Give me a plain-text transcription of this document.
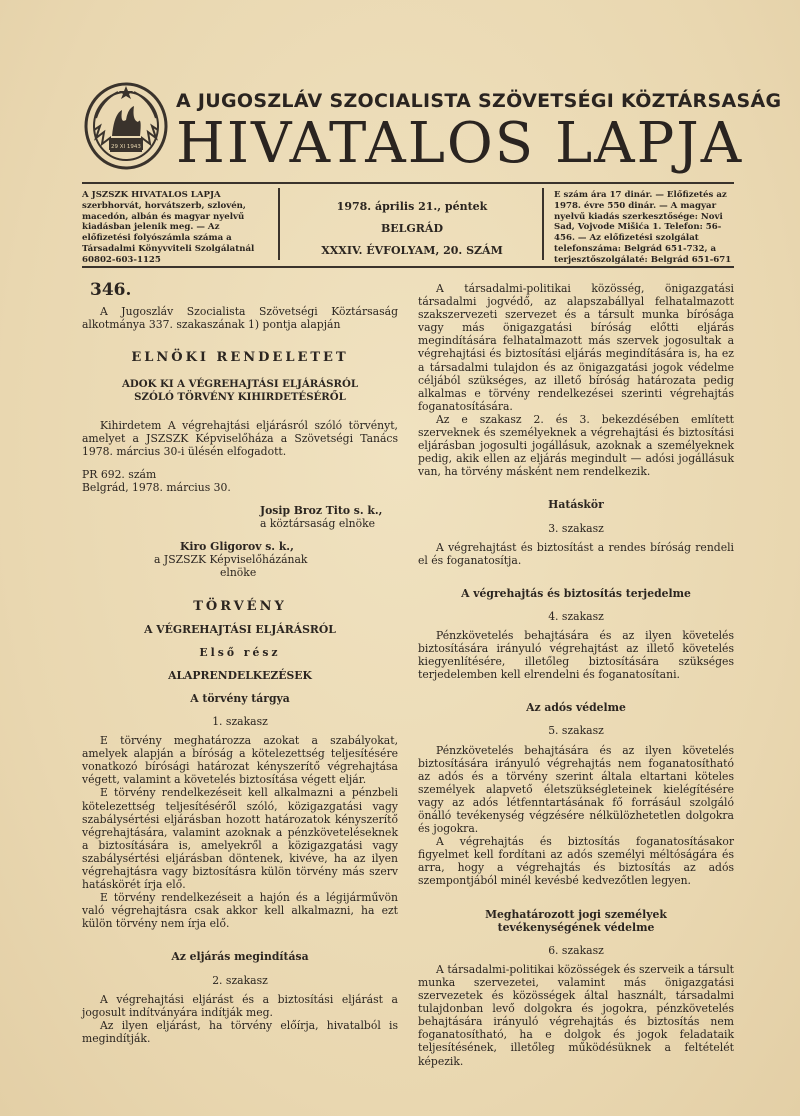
29 XI 1943
A JUGOSZLÁV SZOCIALISTA SZÖVETSÉGI KÖZTÁRSASÁG
HIVATALOS LAPJA
A JSZSZK HIVATALOS LAPJA szerbhorvát, horvátszerb, szlovén, macedón, albán és magyar nyelvű kiadásban jelenik meg. — Az előfizetési folyószámla száma a Társadalmi Könyvviteli Szolgálatnál 60802-603-1125
1978. április 21., péntek
BELGRÁD
XXXIV. ÉVFOLYAM, 20. SZÁM
E szám ára 17 dinár. — Előfizetés az 1978. évre 550 dinár. — A magyar nyelvű kiadás szerkesztősége: Novi Sad, Vojvode Mišića 1. Telefon: 56-456. — Az előfizetési szolgálat telefonszáma: Belgrád 651-732, a terjesztőszolgálaté: Belgrád 651-671
346.

A Jugoszláv Szocialista Szövetségi Köztársaság alkotmánya 337. szakaszának 1) pontja alapján

ELNÖKI RENDELETET

ADOK KI A VÉGREHAJTÁSI ELJÁRÁSRÓL SZÓLÓ TÖRVÉNY KIHIRDETÉSÉRŐL

Kihirdetem A végrehajtási eljárásról szóló törvényt, amelyet a JSZSZK Képviselőháza a Szövetségi Tanács 1978. március 30-i ülésén elfogadott.

PR 692. szám

Belgrád, 1978. március 30.

Josip Broz Tito s. k.,

a köztársaság elnöke

Kiro Gligorov s. k.,

a JSZSZK Képviselőházának

elnöke

TÖRVÉNY

A VÉGREHAJTÁSI ELJÁRÁSRÓL

Első rész

ALAPRENDELKEZÉSEK

A törvény tárgya

1. szakasz

E törvény meghatározza azokat a szabályokat, amelyek alapján a bíróság a kötelezettség teljesítésére vonatkozó bírósági határozat kényszerítő végrehajtása végett, valamint a követelés biztosítása végett eljár.

E törvény rendelkezéseit kell alkalmazni a pénzbeli kötelezettség teljesítéséről szóló, közigazgatási vagy szabálysértési eljárásban hozott határozatok kényszerítő végrehajtására, valamint azoknak a pénzköveteléseknek a biztosítására is, amelyekről a közigazgatási vagy szabálysértési eljárásban döntenek, kivéve, ha az ilyen végrehajtásra vagy biztosításra külön törvény más szerv hatáskörét írja elő.

E törvény rendelkezéseit a hajón és a légijárművön való végrehajtásra csak akkor kell alkalmazni, ha ezt külön törvény nem írja elő.

Az eljárás megindítása

2. szakasz

A végrehajtási eljárást és a biztosítási eljárást a jogosult indítványára indítják meg.

Az ilyen eljárást, ha törvény előírja, hivatalból is megindítják.

A társadalmi-politikai közösség, önigazgatási társadalmi jogvédő, az alapszabállyal felhatalmazott szakszervezeti szervezet és a társult munka bírósága vagy más önigazgatási bíróság előtti eljárás megindítására felhatalmazott más szervek jogosultak a végrehajtási és biztosítási eljárás megindítására is, ha ez a társadalmi tulajdon és az önigazgatási jogok védelme céljából szükséges, az illető bíróság határozata pedig alkalmas e törvény rendelkezései szerinti végrehajtás foganatosítására.

Az e szakasz 2. és 3. bekezdésében említett szerveknek és személyeknek a végrehajtási és biztosítási eljárásban jogosulti jogállásuk, azoknak a személyeknek pedig, akik ellen az eljárás megindult — adósi jogállásuk van, ha törvény másként nem rendelkezik.

Hatáskör

3. szakasz

A végrehajtást és biztosítást a rendes bíróság rendeli el és foganatosítja.

A végrehajtás és biztosítás terjedelme

4. szakasz

Pénzkövetelés behajtására és az ilyen követelés biztosítására irányuló végrehajtást az illető követelés kiegyenlítésére, illetőleg biztosítására szükséges terjedelemben kell elrendelni és foganatosítani.

Az adós védelme

5. szakasz

Pénzkövetelés behajtására és az ilyen követelés biztosítására irányuló végrehajtás nem foganatosítható az adós és a törvény szerint általa eltartani köteles személyek alapvető életszükségleteinek kielégítésére vagy az adós létfenntartásának fő forrásául szolgáló önálló tevékenység végzésére nélkülözhetetlen dolgokra és jogokra.

A végrehajtás és biztosítás foganatosításakor figyelmet kell fordítani az adós személyi méltóságára és arra, hogy a végrehajtás és biztosítás az adós szempontjából minél kevésbé kedvezőtlen legyen.

Meghatározott jogi személyek tevékenységének védelme

6. szakasz

A társadalmi-politikai közösségek és szerveik a társult munka szervezetei, valamint más önigazgatási szervezetek és közösségek által használt, társadalmi tulajdonban levő dolgokra és jogokra, pénzkövetelés behajtására irányuló végrehajtás és biztosítás nem foganatosítható, ha e dolgok és jogok feladataik teljesítésének, illetőleg működésüknek a feltételét képezik.
